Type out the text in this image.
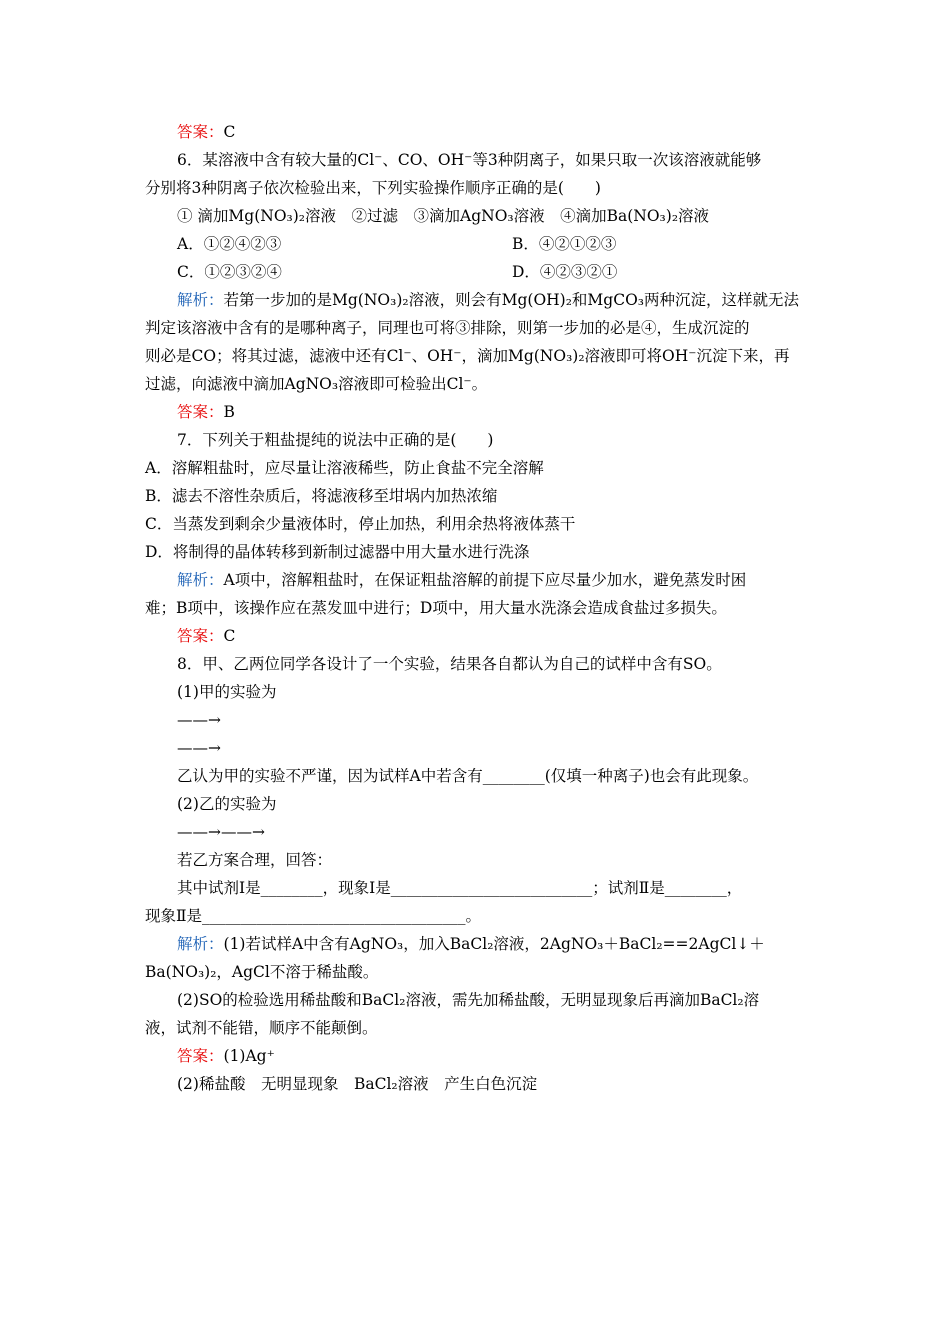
答案：C
6．某溶液中含有较大量的Cl⁻、CO、OH⁻等3种阴离子，如果只取一次该溶液就能够
分别将3种阴离子依次检验出来，下列实验操作顺序正确的是(　　)
① 滴加Mg(NO₃)₂溶液　②过滤　③滴加AgNO₃溶液　④滴加Ba(NO₃)₂溶液
A．①②④②③	B．④②①②③
C．①②③②④	D．④②③②①
解析：若第一步加的是Mg(NO₃)₂溶液，则会有Mg(OH)₂和MgCO₃两种沉淀，这样就无法
判定该溶液中含有的是哪种离子，同理也可将③排除，则第一步加的必是④，生成沉淀的
则必是CO；将其过滤，滤液中还有Cl⁻、OH⁻，滴加Mg(NO₃)₂溶液即可将OH⁻沉淀下来，再
过滤，向滤液中滴加AgNO₃溶液即可检验出Cl⁻。
答案：B
7．下列关于粗盐提纯的说法中正确的是(　　)
A．溶解粗盐时，应尽量让溶液稀些，防止食盐不完全溶解
B．滤去不溶性杂质后，将滤液移至坩埚内加热浓缩
C．当蒸发到剩余少量液体时，停止加热，利用余热将液体蒸干
D．将制得的晶体转移到新制过滤器中用大量水进行洗涤
解析：A项中，溶解粗盐时，在保证粗盐溶解的前提下应尽量少加水，避免蒸发时困
难；B项中，该操作应在蒸发皿中进行；D项中，用大量水洗涤会造成食盐过多损失。
答案：C
8．甲、乙两位同学各设计了一个实验，结果各自都认为自己的试样中含有SO。
(1)甲的实验为
——→
——→
乙认为甲的实验不严谨，因为试样A中若含有________(仅填一种离子)也会有此现象。
(2)乙的实验为
——→——→
若乙方案合理，回答：
其中试剂Ⅰ是________，现象Ⅰ是__________________________；试剂Ⅱ是________，
现象Ⅱ是__________________________________。
解析：(1)若试样A中含有AgNO₃，加入BaCl₂溶液，2AgNO₃＋BaCl₂==2AgCl↓＋
Ba(NO₃)₂，AgCl不溶于稀盐酸。
(2)SO的检验选用稀盐酸和BaCl₂溶液，需先加稀盐酸，无明显现象后再滴加BaCl₂溶
液，试剂不能错，顺序不能颠倒。
答案：(1)Ag⁺
(2)稀盐酸　无明显现象　BaCl₂溶液　产生白色沉淀
